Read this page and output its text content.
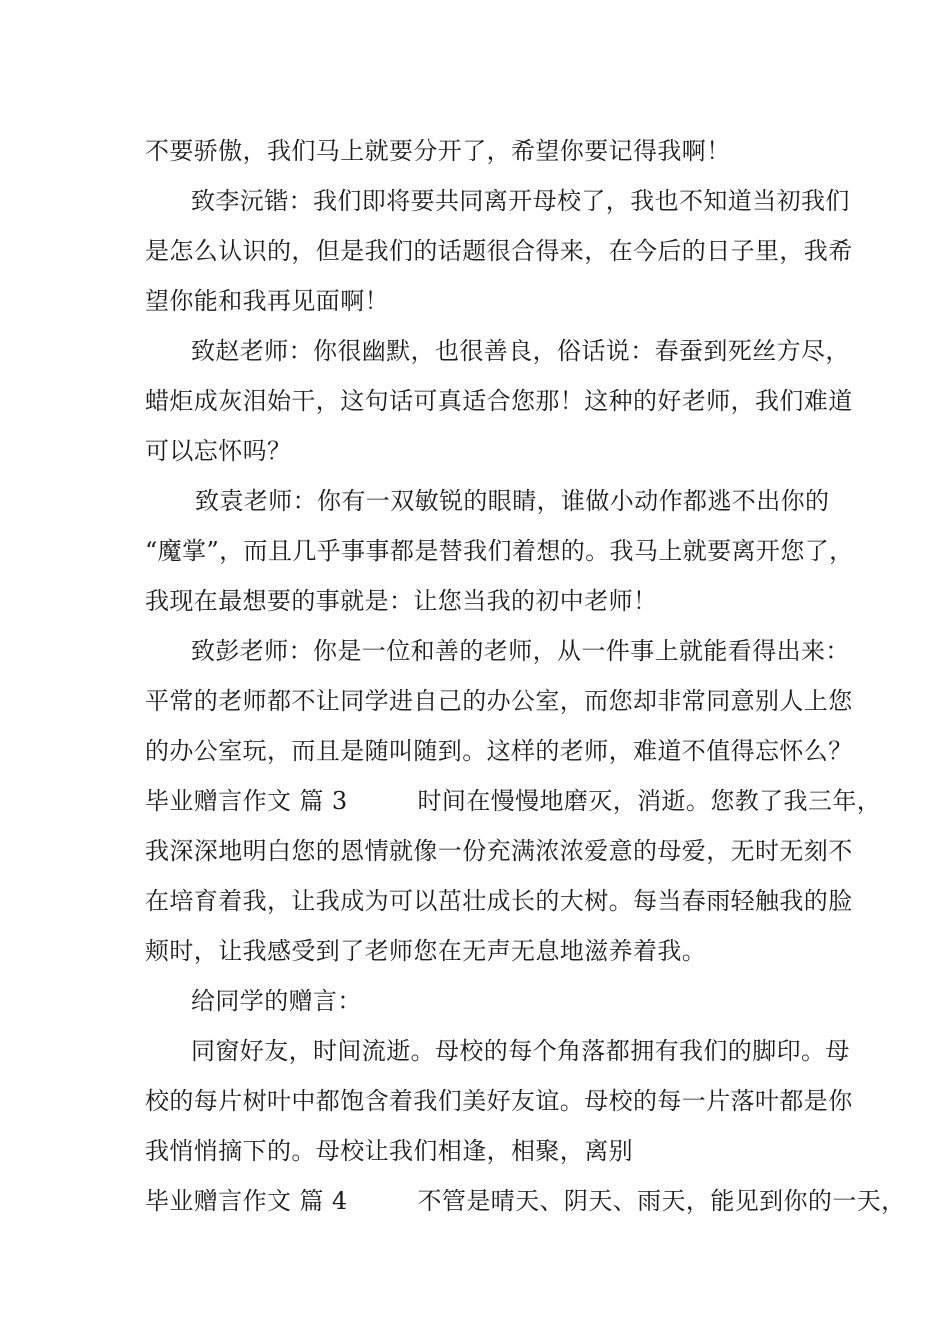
不要骄傲，我们马上就要分开了，希望你要记得我啊！
致李沅锴：我们即将要共同离开母校了，我也不知道当初我们
是怎么认识的，但是我们的话题很合得来，在今后的日子里，我希
望你能和我再见面啊！
致赵老师：你很幽默，也很善良，俗话说：春蚕到死丝方尽，
蜡炬成灰泪始干，这句话可真适合您那！这种的好老师，我们难道
可以忘怀吗？
致袁老师：你有一双敏锐的眼睛，谁做小动作都逃不出你的
“魔掌”，而且几乎事事都是替我们着想的。我马上就要离开您了，
我现在最想要的事就是：让您当我的初中老师！
致彭老师：你是一位和善的老师，从一件事上就能看得出来：
平常的老师都不让同学进自己的办公室，而您却非常同意别人上您
的办公室玩，而且是随叫随到。这样的老师，难道不值得忘怀么？
毕业赠言作文 篇 3	时间在慢慢地磨灭，消逝。您教了我三年，
我深深地明白您的恩情就像一份充满浓浓爱意的母爱，无时无刻不
在培育着我，让我成为可以茁壮成长的大树。每当春雨轻触我的脸
颊时，让我感受到了老师您在无声无息地滋养着我。
给同学的赠言：
同窗好友，时间流逝。母校的每个角落都拥有我们的脚印。母
校的每片树叶中都饱含着我们美好友谊。母校的每一片落叶都是你
我悄悄摘下的。母校让我们相逢，相聚，离别
毕业赠言作文 篇 4	不管是晴天、阴天、雨天，能见到你的一天，
